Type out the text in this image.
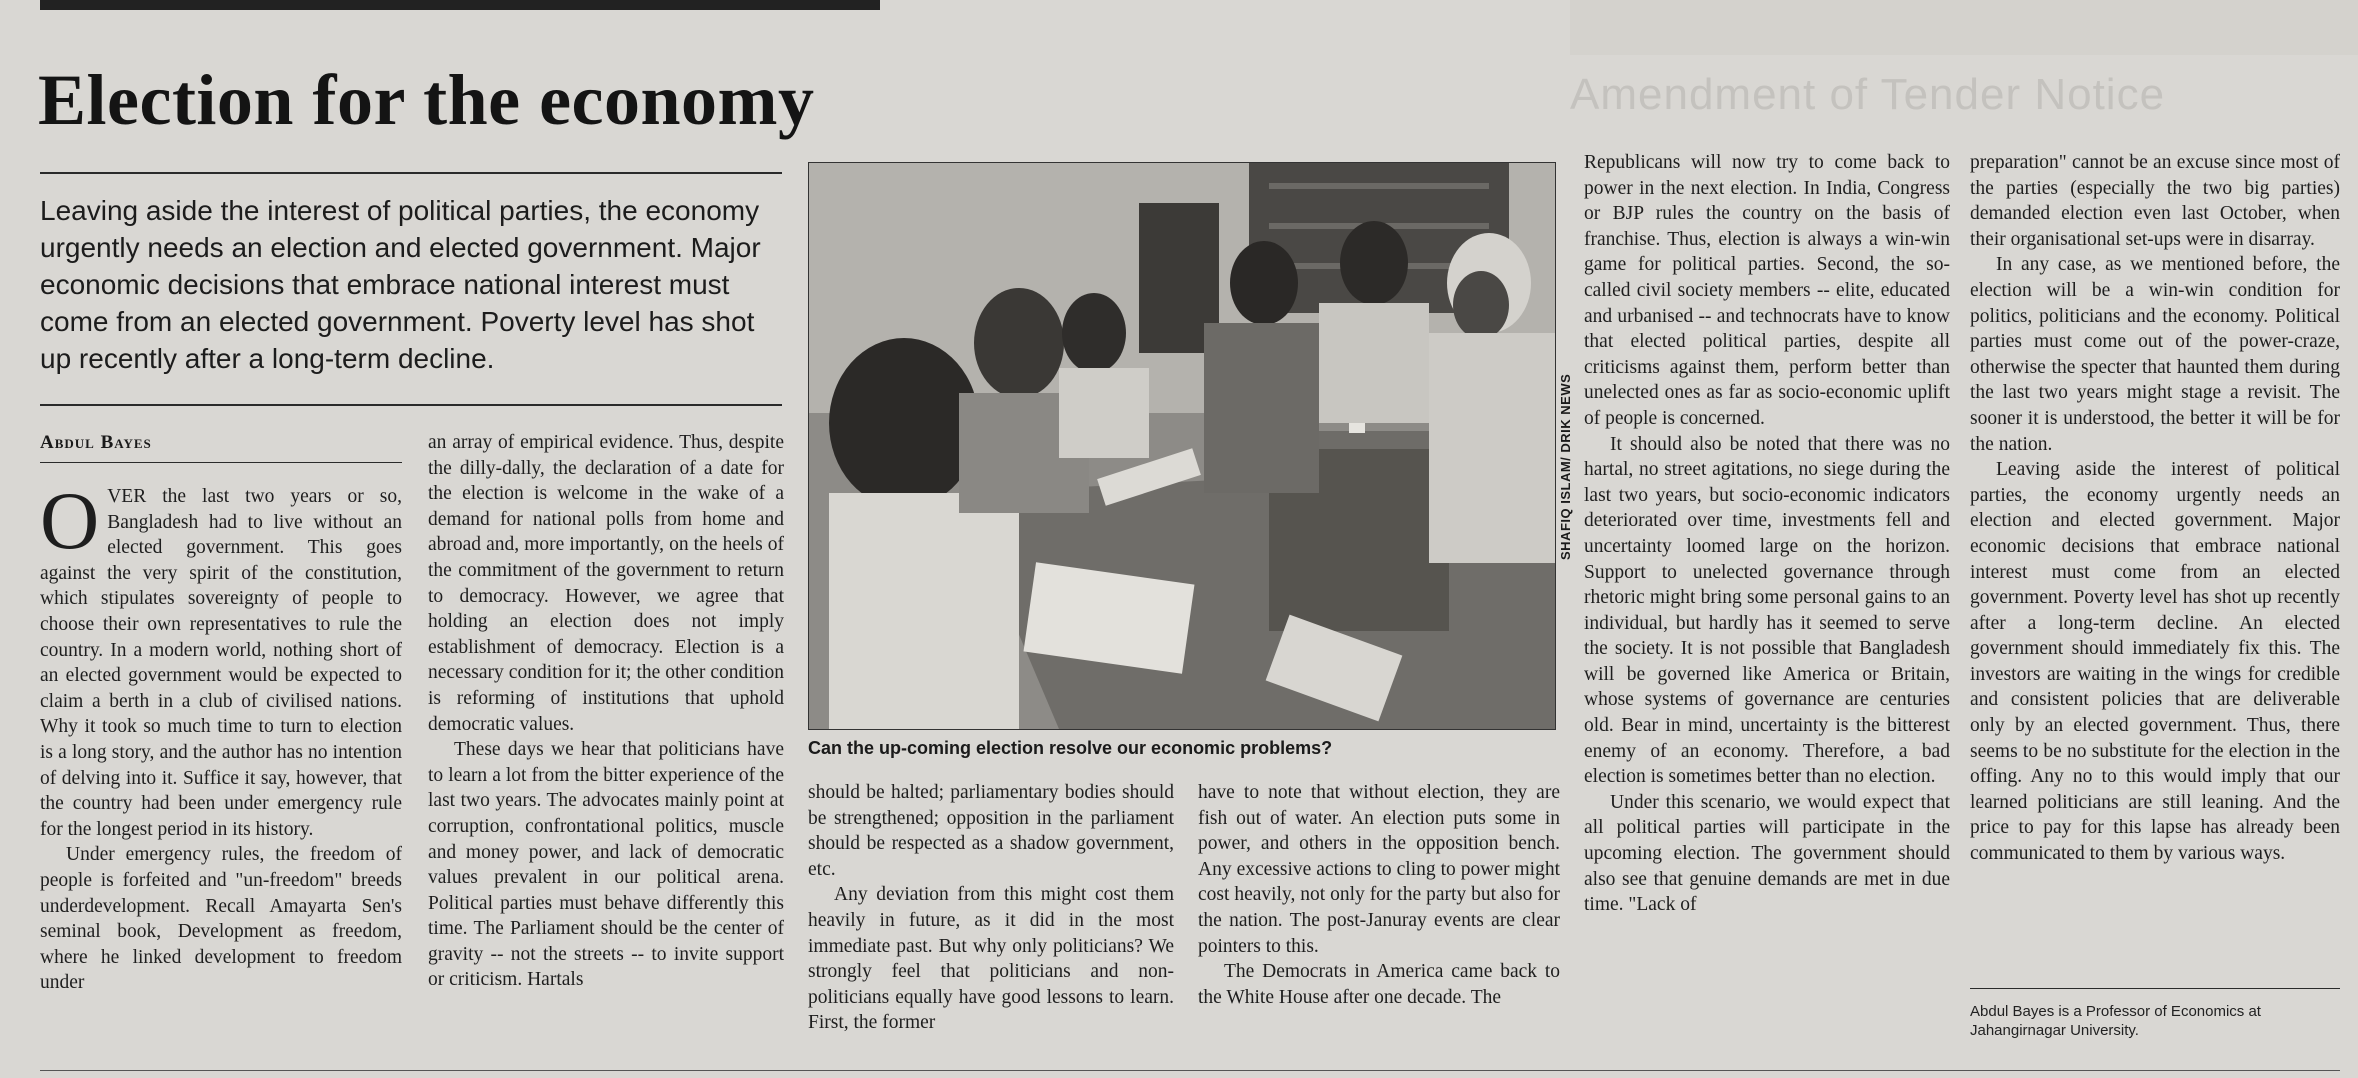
Amendment of Tender Notice
Election for the economy
Leaving aside the interest of political parties, the economy urgently needs an election and elected government. Major economic decisions that embrace national interest must come from an elected government. Poverty level has shot up recently after a long-term decline.
Abdul Bayes

OVER the last two years or so, Bangladesh had to live without an elected government. This goes against the very spirit of the constitution, which stipulates sovereignty of people to choose their own representatives to rule the country. In a modern world, nothing short of an elected government would be expected to claim a berth in a club of civilised nations. Why it took so much time to turn to election is a long story, and the author has no intention of delving into it. Suffice it say, however, that the country had been under emergency rule for the longest period in its history.

Under emergency rules, the freedom of people is forfeited and "un-freedom" breeds underdevelopment. Recall Amayarta Sen's seminal book, Development as freedom, where he linked development to freedom under

an array of empirical evidence. Thus, despite the dilly-dally, the declaration of a date for the election is welcome in the wake of a demand for national polls from home and abroad and, more importantly, on the heels of the commitment of the government to return to democracy. However, we agree that holding an election does not imply establishment of democracy. Election is a necessary condition for it; the other condition is reforming of institutions that uphold democratic values.

These days we hear that politicians have to learn a lot from the bitter experience of the last two years. The advocates mainly point at corruption, confrontational politics, muscle and money power, and lack of democratic values prevalent in our political arena. Political parties must behave differently this time. The Parliament should be the center of gravity -- not the streets -- to invite support or criticism. Hartals

SHAFIQ ISLAM/ DRIK NEWS
Can the up-coming election resolve our economic problems?

should be halted; parliamentary bodies should be strengthened; opposition in the parliament should be respected as a shadow government, etc.

Any deviation from this might cost them heavily in future, as it did in the most immediate past. But why only politicians? We strongly feel that politicians and non-politicians equally have good lessons to learn. First, the former

have to note that without election, they are fish out of water. An election puts some in power, and others in the opposition bench. Any excessive actions to cling to power might cost heavily, not only for the party but also for the nation. The post-Januray events are clear pointers to this.

The Democrats in America came back to the White House after one decade. The

Republicans will now try to come back to power in the next election. In India, Congress or BJP rules the country on the basis of franchise. Thus, election is always a win-win game for political parties. Second, the so-called civil society members -- elite, educated and urbanised -- and technocrats have to know that elected political parties, despite all criticisms against them, perform better than unelected ones as far as socio-economic uplift of people is concerned.

It should also be noted that there was no hartal, no street agitations, no siege during the last two years, but socio-economic indicators deteriorated over time, investments fell and uncertainty loomed large on the horizon. Support to unelected governance through rhetoric might bring some personal gains to an individual, but hardly has it seemed to serve the society. It is not possible that Bangladesh will be governed like America or Britain, whose systems of governance are centuries old. Bear in mind, uncertainty is the bitterest enemy of an economy. Therefore, a bad election is sometimes better than no election.

Under this scenario, we would expect that all political parties will participate in the upcoming election. The government should also see that genuine demands are met in due time. "Lack of

preparation" cannot be an excuse since most of the parties (especially the two big parties) demanded election even last October, when their organisational set-ups were in disarray.

In any case, as we mentioned before, the election will be a win-win condition for politics, politicians and the economy. Political parties must come out of the power-craze, otherwise the specter that haunted them during the last two years might stage a revisit. The sooner it is understood, the better it will be for the nation.

Leaving aside the interest of political parties, the economy urgently needs an election and elected government. Major economic decisions that embrace national interest must come from an elected government. Poverty level has shot up recently after a long-term decline. An elected government should immediately fix this. The investors are waiting in the wings for credible and consistent policies that are deliverable only by an elected government. Thus, there seems to be no substitute for the election in the offing. Any no to this would imply that our learned politicians are still leaning. And the price to pay for this lapse has already been communicated to them by various ways.

Abdul Bayes is a Professor of Economics at Jahangirnagar University.
